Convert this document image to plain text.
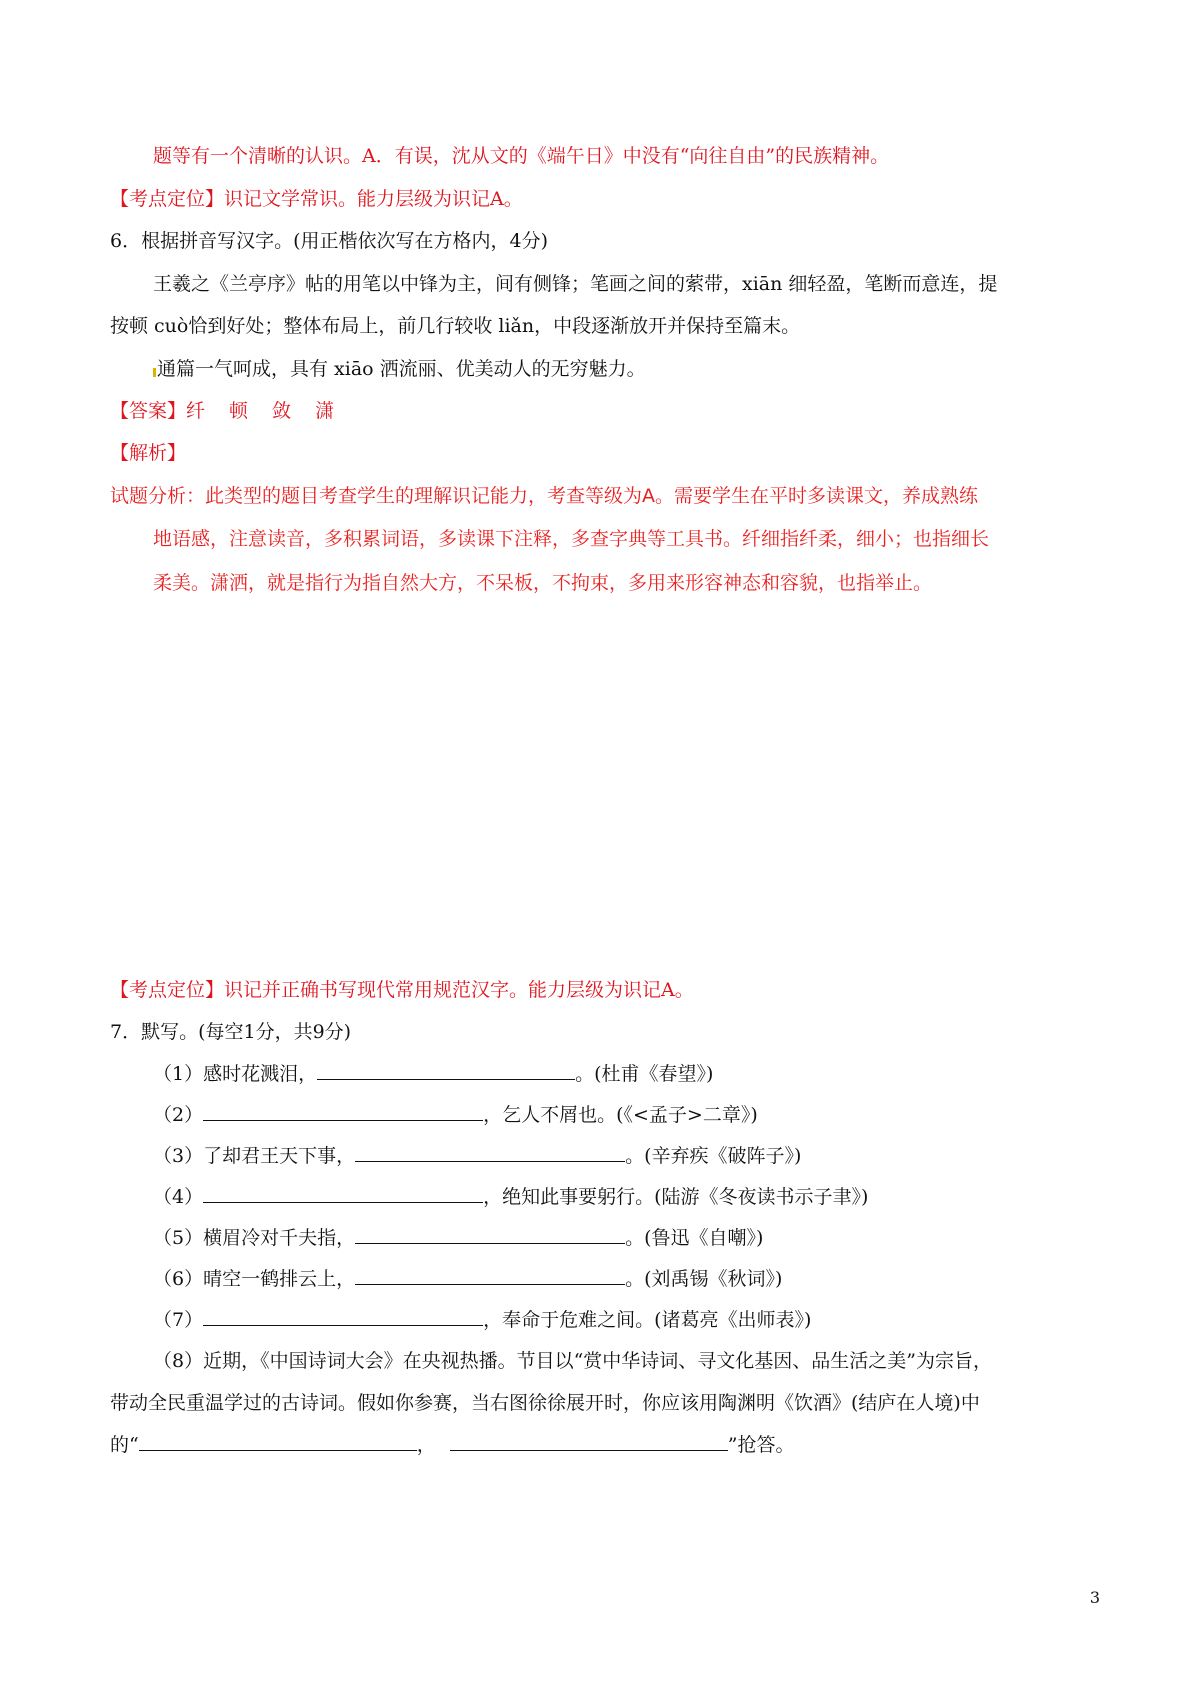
题等有一个清晰的认识。A．有误，沈从文的《端午日》中没有“向往自由”的民族精神。
【考点定位】识记文学常识。能力层级为识记A。
6．根据拼音写汉字。(用正楷依次写在方格内，4分)
王羲之《兰亭序》帖的用笔以中锋为主，间有侧锋；笔画之间的萦带，xiān 细轻盈，笔断而意连，提
按顿 cuò恰到好处；整体布局上，前几行较收 liǎn，中段逐渐放开并保持至篇末。
通篇一气呵成，具有 xiāo 洒流丽、优美动人的无穷魅力。
【答案】纤 顿 敛 潇
【解析】
试题分析：此类型的题目考查学生的理解识记能力，考查等级为A。需要学生在平时多读课文，养成熟练
地语感，注意读音，多积累词语，多读课下注释，多查字典等工具书。纤细指纤柔，细小；也指细长
柔美。潇洒，就是指行为指自然大方，不呆板，不拘束，多用来形容神态和容貌，也指举止。
【考点定位】识记并正确书写现代常用规范汉字。能力层级为识记A。
7．默写。(每空1分，共9分)
（1）感时花溅泪，	。(杜甫《春望》)
（2）	，乞人不屑也。(《<孟子>二章》)
（3）了却君王天下事，	。(辛弃疾《破阵子》)
（4）	，绝知此事要躬行。(陆游《冬夜读书示子聿》)
（5）横眉冷对千夫指，	。(鲁迅《自嘲》)
（6）晴空一鹤排云上，	。(刘禹锡《秋词》)
（7）	，奉命于危难之间。(诸葛亮《出师表》)
（8）近期，《中国诗词大会》在央视热播。节目以“赏中华诗词、寻文化基因、品生活之美”为宗旨，
带动全民重温学过的古诗词。假如你参赛，当右图徐徐展开时，你应该用陶渊明《饮酒》(结庐在人境)中
的“	，	”抢答。
3
